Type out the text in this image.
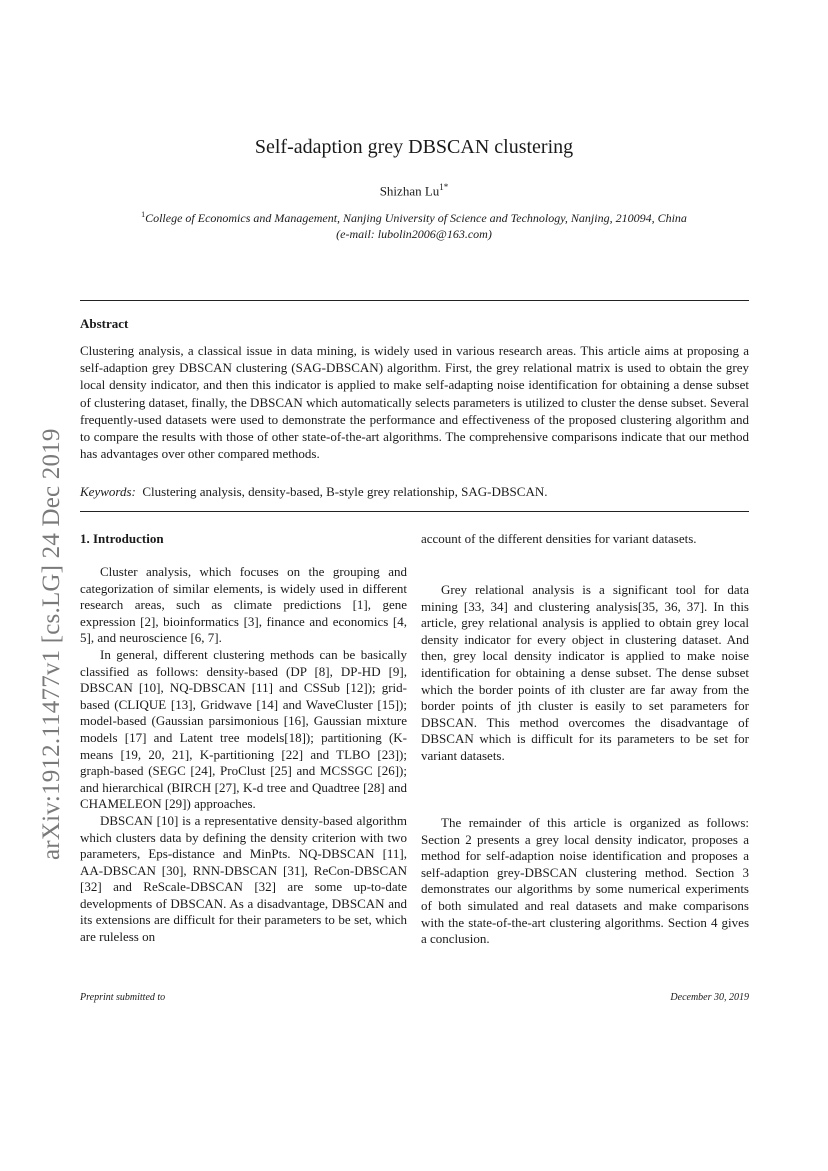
arXiv:1912.11477v1 [cs.LG] 24 Dec 2019
Self-adaption grey DBSCAN clustering
Shizhan $Lu^{1*}$
$^1$College of Economics and Management, Nanjing University of Science and Technology, Nanjing, 210094, China
(e-mail: lubolin2006@163.com)
Abstract
Clustering analysis, a classical issue in data mining, is widely used in various research areas. This article aims at proposing a self-adaption grey DBSCAN clustering (SAG-DBSCAN) algorithm. First, the grey relational matrix is used to obtain the grey local density indicator, and then this indicator is applied to make self-adapting noise identification for obtaining a dense subset of clustering dataset, finally, the DBSCAN which automatically selects parameters is utilized to cluster the dense subset. Several frequently-used datasets were used to demonstrate the performance and effectiveness of the proposed clustering algorithm and to compare the results with those of other state-of-the-art algorithms. The comprehensive comparisons indicate that our method has advantages over other compared methods.
Keywords: Clustering analysis, density-based, B-style grey relationship, SAG-DBSCAN.
1. Introduction

Cluster analysis, which focuses on the grouping and categorization of similar elements, is widely used in different research areas, such as climate predictions [1], gene expression [2], bioinformatics [3], finance and economics [4, 5], and neuroscience [6, 7].

In general, different clustering methods can be basically classified as follows: density-based (DP [8], DP-HD [9], DBSCAN [10], NQ-DBSCAN [11] and CSSub [12]); grid-based (CLIQUE [13], Gridwave [14] and WaveCluster [15]); model-based (Gaussian parsimonious [16], Gaussian mixture models [17] and Latent tree models[18]); partitioning (K-means [19, 20, 21], K-partitioning [22] and TLBO [23]); graph-based (SEGC [24], ProClust [25] and MCSSGC [26]); and hierarchical (BIRCH [27], K-d tree and Quadtree [28] and CHAMELEON [29]) approaches.

DBSCAN [10] is a representative density-based algorithm which clusters data by defining the density criterion with two parameters, Eps-distance and MinPts. NQ-DBSCAN [11], AA-DBSCAN [30], RNN-DBSCAN [31], ReCon-DBSCAN [32] and ReScale-DBSCAN [32] are some up-to-date developments of DBSCAN. As a disadvantage, DBSCAN and its extensions are difficult for their parameters to be set, which are ruleless on

account of the different densities for variant datasets.

Grey relational analysis is a significant tool for data mining [33, 34] and clustering analysis[35, 36, 37]. In this article, grey relational analysis is applied to obtain grey local density indicator for every object in clustering dataset. And then, grey local density indicator is applied to make noise identification for obtaining a dense subset. The dense subset which the border points of ith cluster are far away from the border points of jth cluster is easily to set parameters for DBSCAN. This method overcomes the disadvantage of DBSCAN which is difficult for its parameters to be set for variant datasets.

The remainder of this article is organized as follows: Section 2 presents a grey local density indicator, proposes a method for self-adaption noise identification and proposes a self-adaption grey-DBSCAN clustering method. Section 3 demonstrates our algorithms by some numerical experiments of both simulated and real datasets and make comparisons with the state-of-the-art clustering algorithms. Section 4 gives a conclusion.

Preprint submitted to	December 30, 2019
